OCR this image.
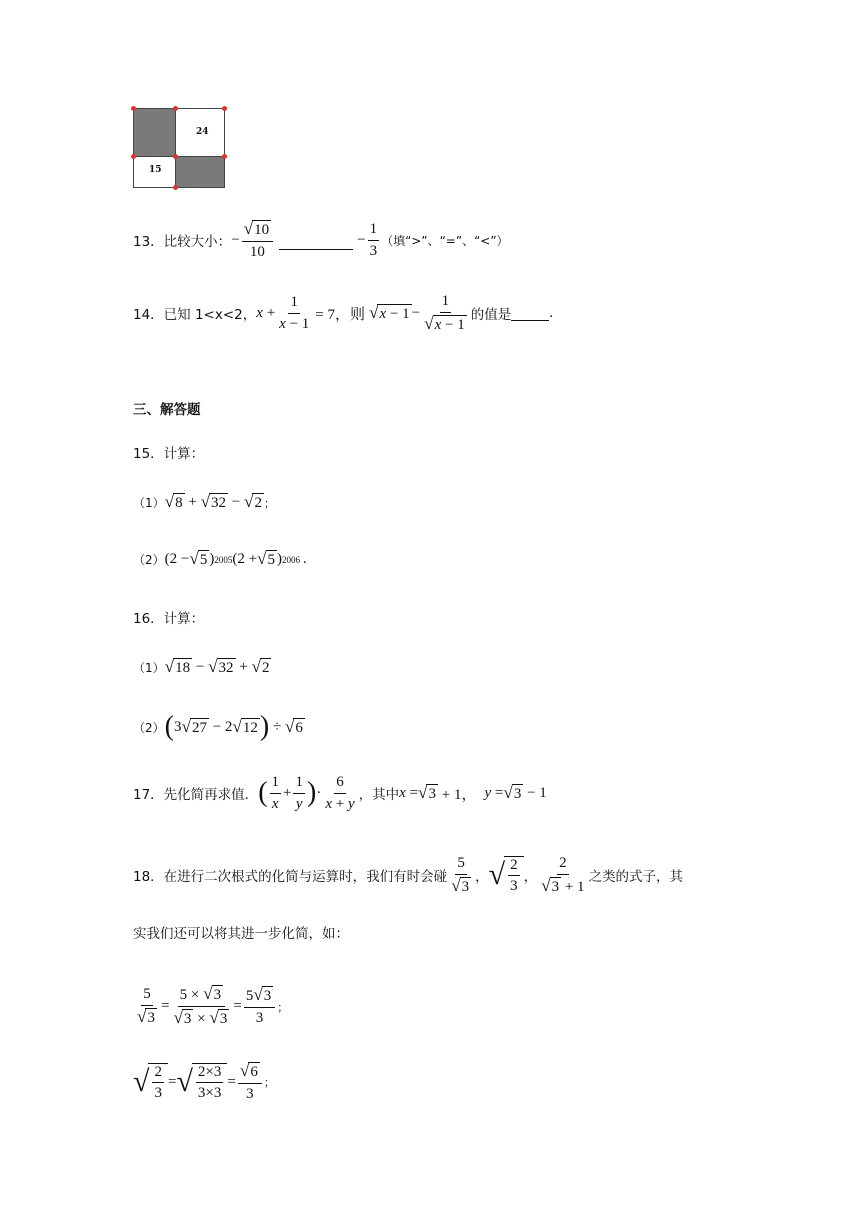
24
15
13．比较大小： − $\frac{√ 10}{10}$	− $\frac{1}{3}$ （填“>”、“=”、“<”）
14．已知 1<x<2， $x + \frac{1}{x - 1} = 7$，则 √ $x - 1 - \frac{1}{√ x - 1}$ 的值是	.
三、解答题
15．计算：
（1） √ 8 + √ 32 − √ 2 ；
（2） (2 − √ 5 ) 2005 (2 + √ 5 ) 2006 .
16．计算：
（1） √ 18 − √ 32 + √ 2
（2） ( 3 √ 27 − 2 √ 12 ) ÷ √ 6
17．先化简再求值． ( $\frac{1}{x} + \frac{1}{y}$ ) · $\frac{6}{x + y}$ ，其中 x = √ 3 + 1， y = √ 3 − 1
18．在进行二次根式的化简与运算时，我们有时会碰 $\frac{5}{√ 3}$ ， √ $\frac{2}{3}$ ， $\frac{2}{√ 3 + 1}$ 之类的式子，其
实我们还可以将其进一步化简，如：
$\frac{5}{√ 3} = \frac{5 \times √ 3}{√ 3 \times √ 3} = \frac{5 √ 3}{3}$ ；
√ $\frac{2}{3}$ = √ $\frac{2\times 3}{3\times 3} = \frac{√ 6}{3}$ ；
